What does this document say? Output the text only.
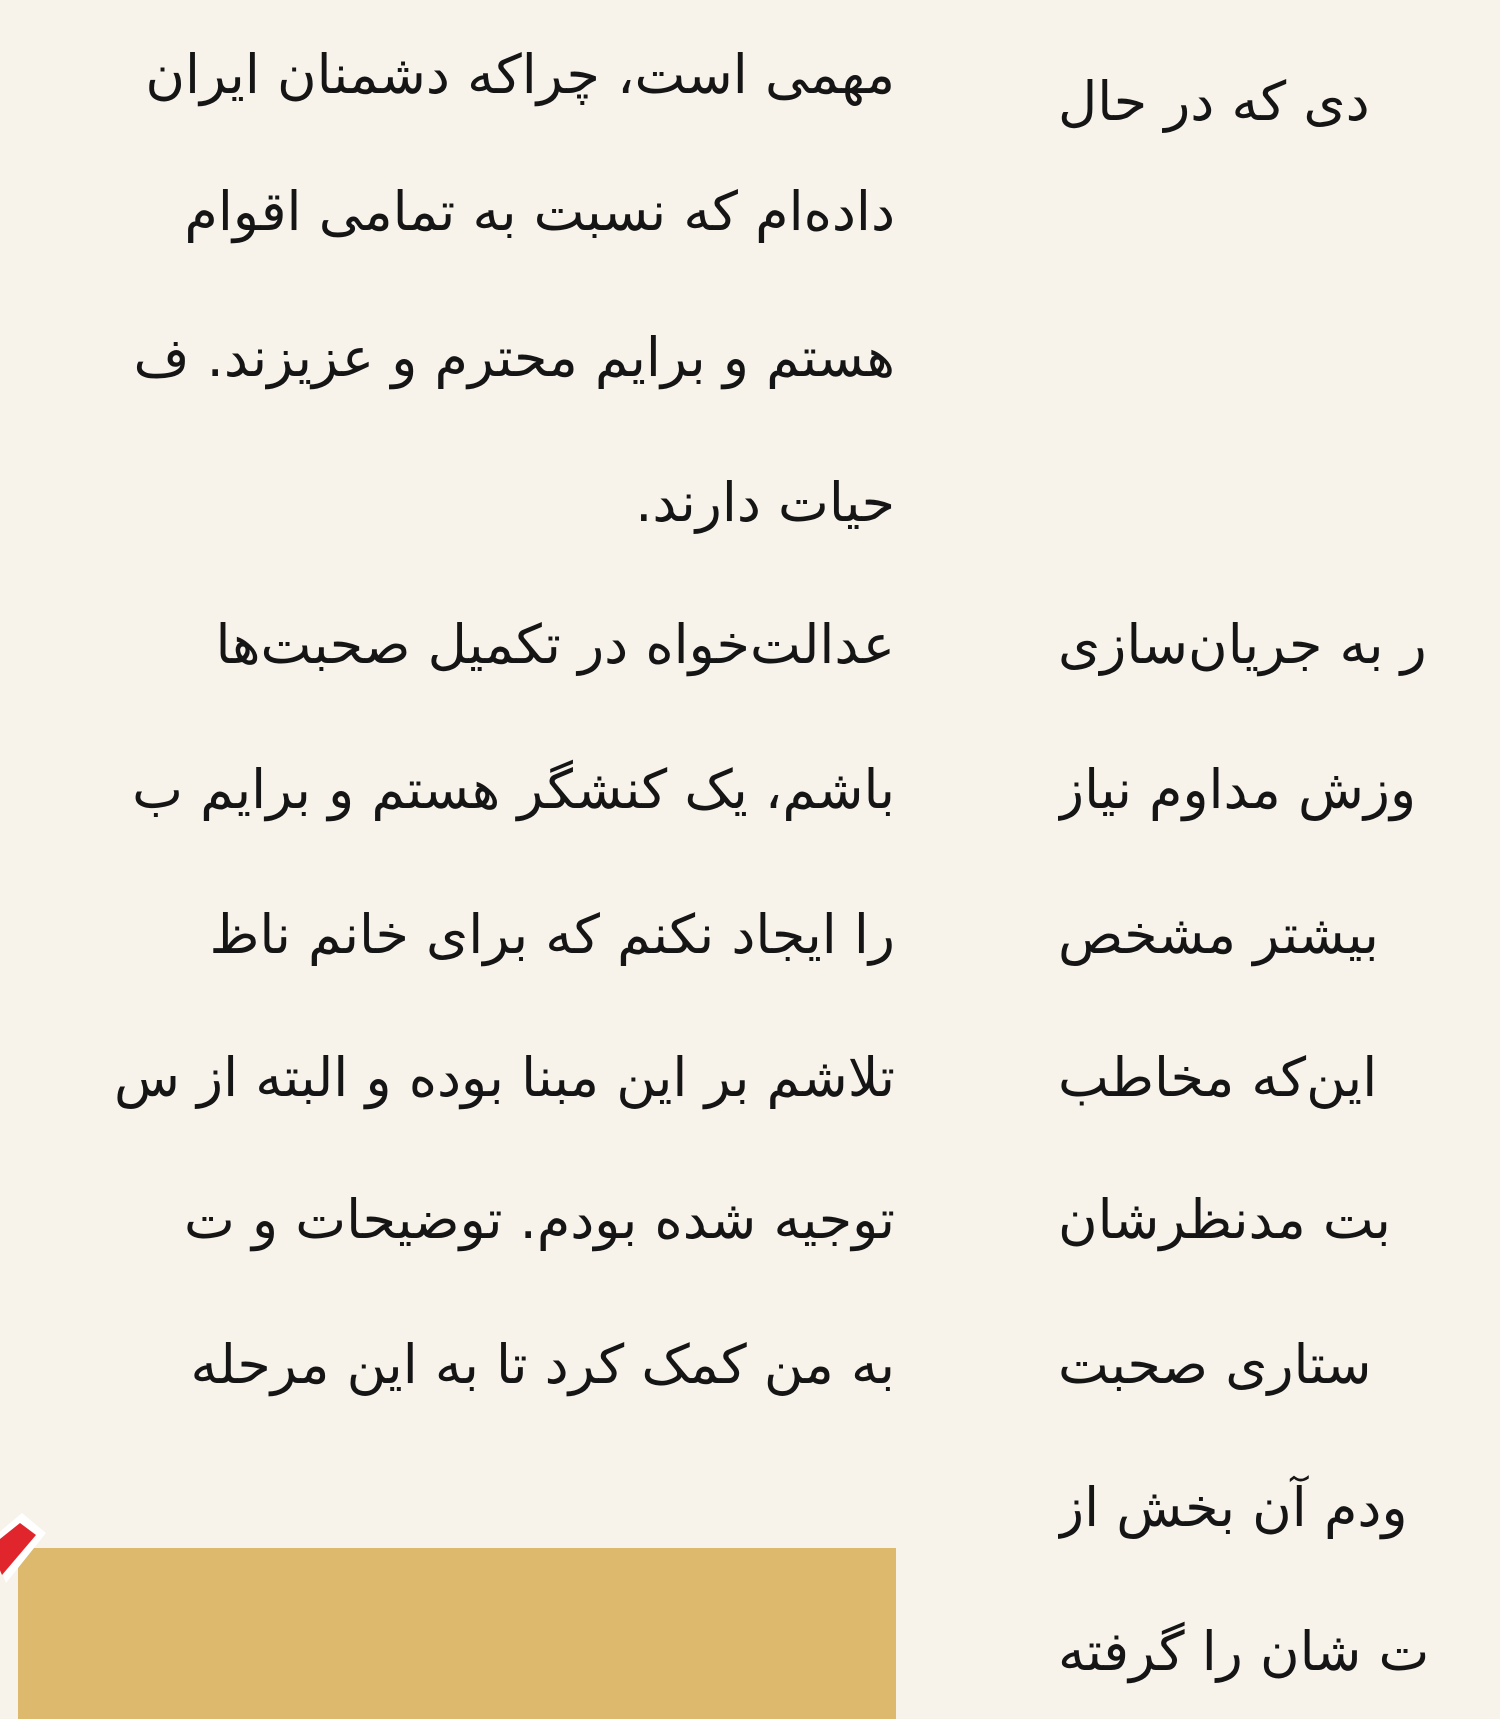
مهمی است، چراکه دشمنان ایران
داده‌ام که نسبت به تمامی اقوام
هستم و برایم محترم و عزیزند. ف
حیات دارند.
عدالت‌خواه در تکمیل صحبت‌ها
باشم، یک کنشگر هستم و برایم ب
را ایجاد نکنم که برای خانم ناظ
تلاشم بر این مبنا بوده و البته از س
توجیه شده بودم. توضیحات و ت
به من کمک کرد تا به این مرحله
دی که در حال
ر به جریان‌سازی
وزش مداوم نیاز
بیشتر مشخص
این‌که مخاطب
بت مدنظرشان
ستاری صحبت
ودم آن بخش از
ت شان را گرفته
